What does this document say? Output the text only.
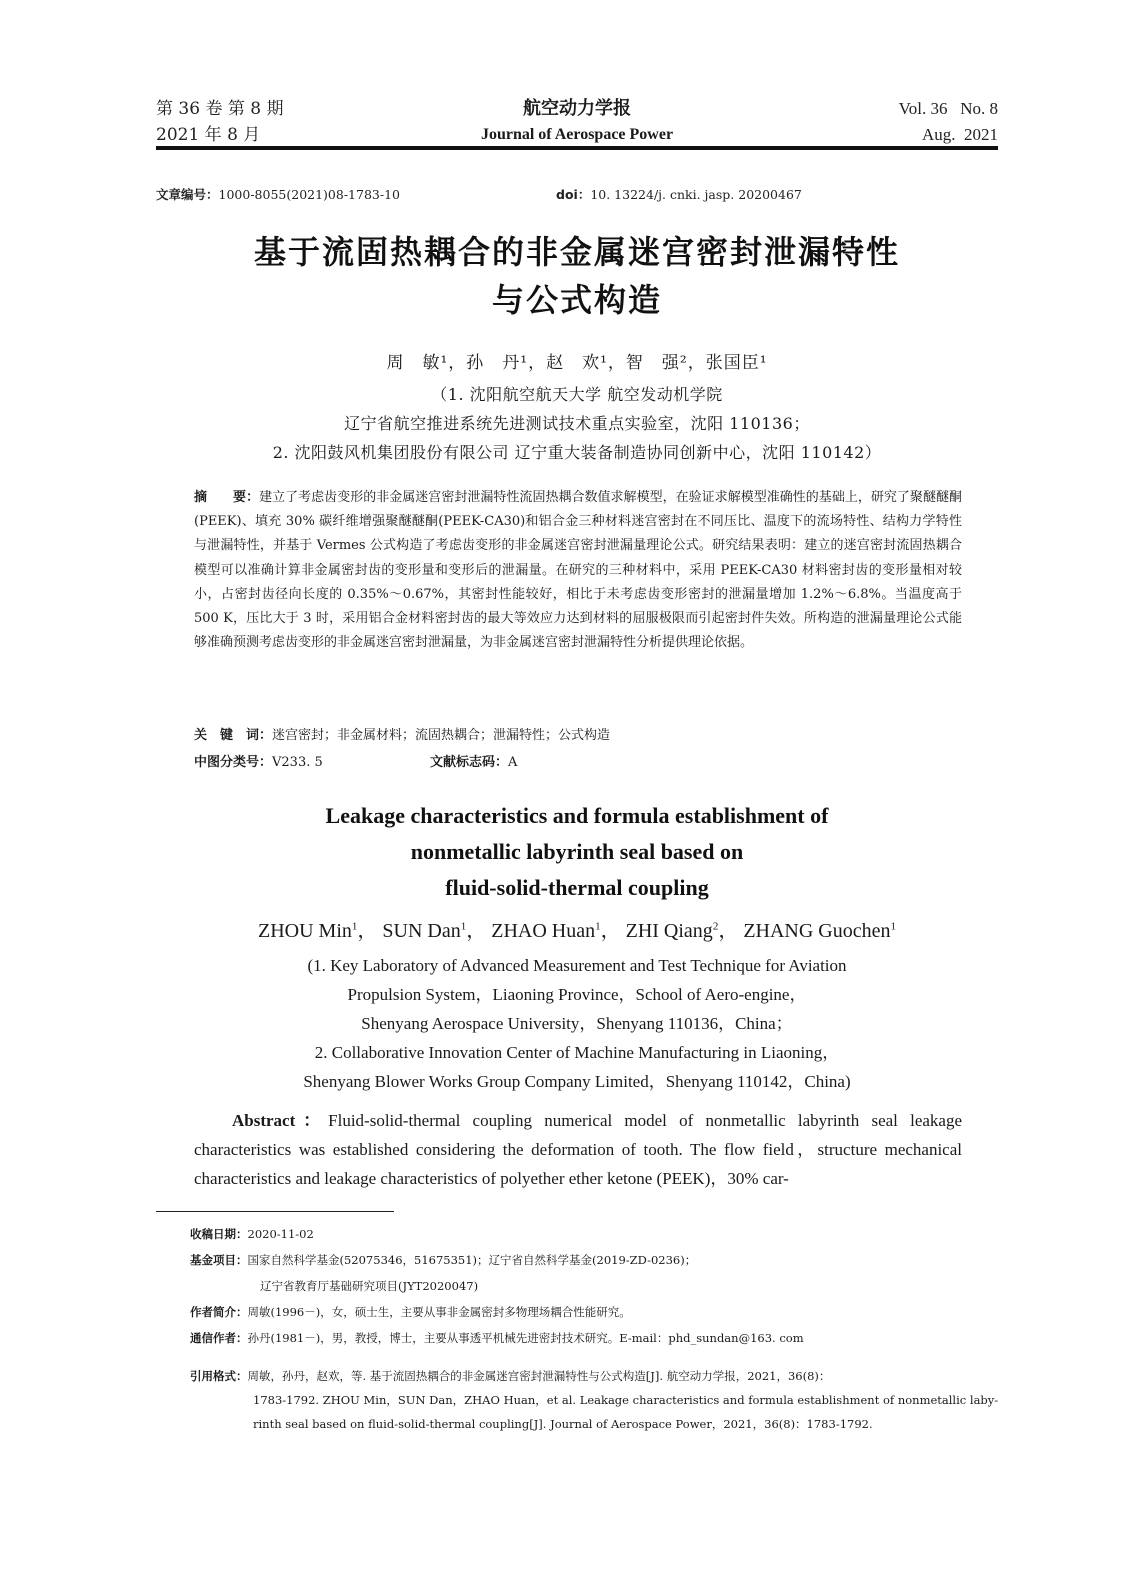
第 36 卷 第 8 期
2021 年 8 月
航空动力学报
Journal of Aerospace Power
Vol. 36   No. 8
Aug.  2021
文章编号：1000-8055(2021)08-1783-10	doi：10. 13224/j. cnki. jasp. 20200467
基于流固热耦合的非金属迷宫密封泄漏特性
与公式构造
周　敏¹，孙　丹¹，赵　欢¹，智　强²，张国臣¹
（1. 沈阳航空航天大学 航空发动机学院
辽宁省航空推进系统先进测试技术重点实验室，沈阳 110136；
2. 沈阳鼓风机集团股份有限公司 辽宁重大装备制造协同创新中心，沈阳 110142）
摘　　要：建立了考虑齿变形的非金属迷宫密封泄漏特性流固热耦合数值求解模型，在验证求解模型准确性的基础上，研究了聚醚醚酮(PEEK)、填充 30% 碳纤维增强聚醚醚酮(PEEK-CA30)和铝合金三种材料迷宫密封在不同压比、温度下的流场特性、结构力学特性与泄漏特性，并基于 Vermes 公式构造了考虑齿变形的非金属迷宫密封泄漏量理论公式。研究结果表明：建立的迷宫密封流固热耦合模型可以准确计算非金属密封齿的变形量和变形后的泄漏量。在研究的三种材料中，采用 PEEK-CA30 材料密封齿的变形量相对较小，占密封齿径向长度的 0.35%～0.67%，其密封性能较好，相比于未考虑齿变形密封的泄漏量增加 1.2%～6.8%。当温度高于 500 K，压比大于 3 时，采用铝合金材料密封齿的最大等效应力达到材料的屈服极限而引起密封件失效。所构造的泄漏量理论公式能够准确预测考虑齿变形的非金属迷宫密封泄漏量，为非金属迷宫密封泄漏特性分析提供理论依据。
关　键　词：迷宫密封；非金属材料；流固热耦合；泄漏特性；公式构造
中图分类号：V233. 5	文献标志码：A
Leakage characteristics and formula establishment of
nonmetallic labyrinth seal based on
fluid-solid-thermal coupling
ZHOU Min$^1$， SUN Dan$^1$， ZHAO Huan$^1$， ZHI Qiang$^2$， ZHANG Guochen$^1$
(1. Key Laboratory of Advanced Measurement and Test Technique for Aviation
Propulsion System，Liaoning Province，School of Aero-engine，
Shenyang Aerospace University，Shenyang 110136，China；
2. Collaborative Innovation Center of Machine Manufacturing in Liaoning，
Shenyang Blower Works Group Company Limited，Shenyang 110142，China)
Abstract：Fluid-solid-thermal coupling numerical model of nonmetallic labyrinth seal leakage characteristics was established considering the deformation of tooth. The flow field，structure mechanical characteristics and leakage characteristics of polyether ether ketone (PEEK)，30% car-
收稿日期：2020-11-02
基金项目：国家自然科学基金(52075346，51675351)；辽宁省自然科学基金(2019-ZD-0236)；
辽宁省教育厅基础研究项目(JYT2020047)
作者简介：周敏(1996－)，女，硕士生，主要从事非金属密封多物理场耦合性能研究。
通信作者：孙丹(1981－)，男，教授，博士，主要从事透平机械先进密封技术研究。E-mail：phd_sundan@163. com
引用格式：周敏，孙丹，赵欢，等. 基于流固热耦合的非金属迷宫密封泄漏特性与公式构造[J]. 航空动力学报，2021，36(8)：
1783-1792. ZHOU Min，SUN Dan，ZHAO Huan，et al. Leakage characteristics and formula establishment of nonmetallic laby-
rinth seal based on fluid-solid-thermal coupling[J]. Journal of Aerospace Power，2021，36(8)：1783-1792.
